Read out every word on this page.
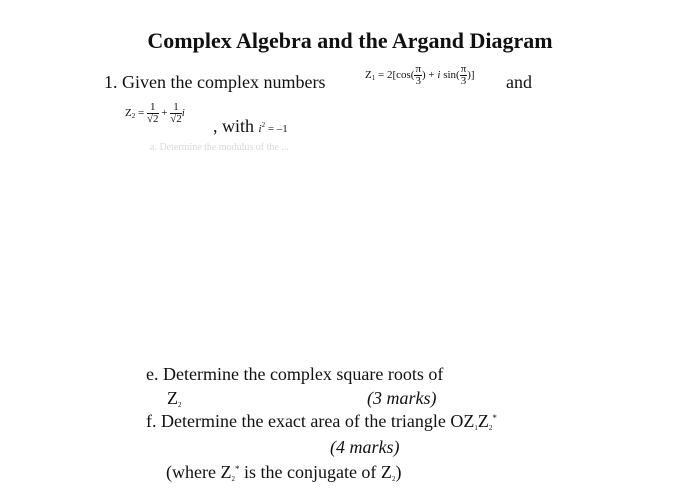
Complex Algebra and the Argand Diagram
1. Given the complex numbers	$Z_1 = 2[\cos( \frac{\pi}{3}$ ) + i $\sin( \frac{\pi}{3}$ )] and
$Z_2 = \frac{1}{√2} + \frac{1}{√2}$ i
, with $i^2 = -1$
a. Determine the modulus of the ...
e. Determine the complex square roots of
Z2	(3 marks)
f. Determine the exact area of the triangle OZ1Z2*
(4 marks)
(where Z2* is the conjugate of Z2)
